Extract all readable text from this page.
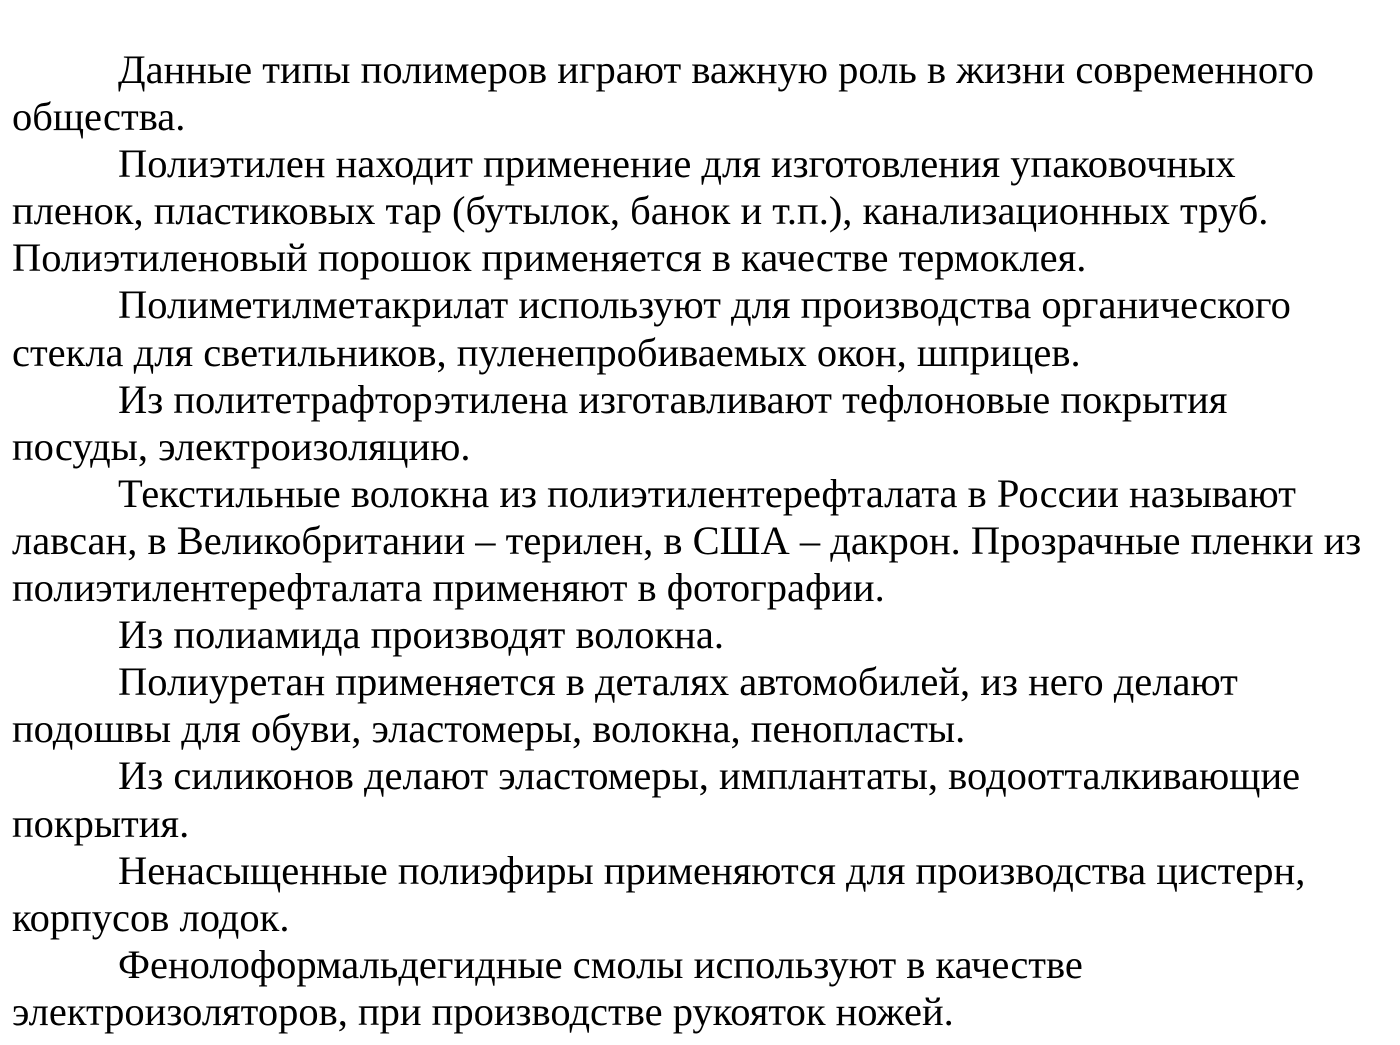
Данные типы полимеров играют важную роль в жизни современного
общества.

Полиэтилен находит применение для изготовления упаковочных
пленок, пластиковых тар (бутылок, банок и т.п.), канализационных труб.
Полиэтиленовый порошок применяется в качестве термоклея.

Полиметилметакрилат используют для производства органического
стекла для светильников, пуленепробиваемых окон, шприцев.

Из политетрафторэтилена изготавливают тефлоновые покрытия
посуды, электроизоляцию.

Текстильные волокна из полиэтилентерефталата в России называют
лавсан, в Великобритании – терилен, в США – дакрон. Прозрачные пленки из
полиэтилентерефталата применяют в фотографии.

Из полиамида производят волокна.

Полиуретан применяется в деталях автомобилей, из него делают
подошвы для обуви, эластомеры, волокна, пенопласты.

Из силиконов делают эластомеры, имплантаты, водоотталкивающие
покрытия.

Ненасыщенные полиэфиры применяются для производства цистерн,
корпусов лодок.

Фенолоформальдегидные смолы используют в качестве
электроизоляторов, при производстве рукояток ножей.
